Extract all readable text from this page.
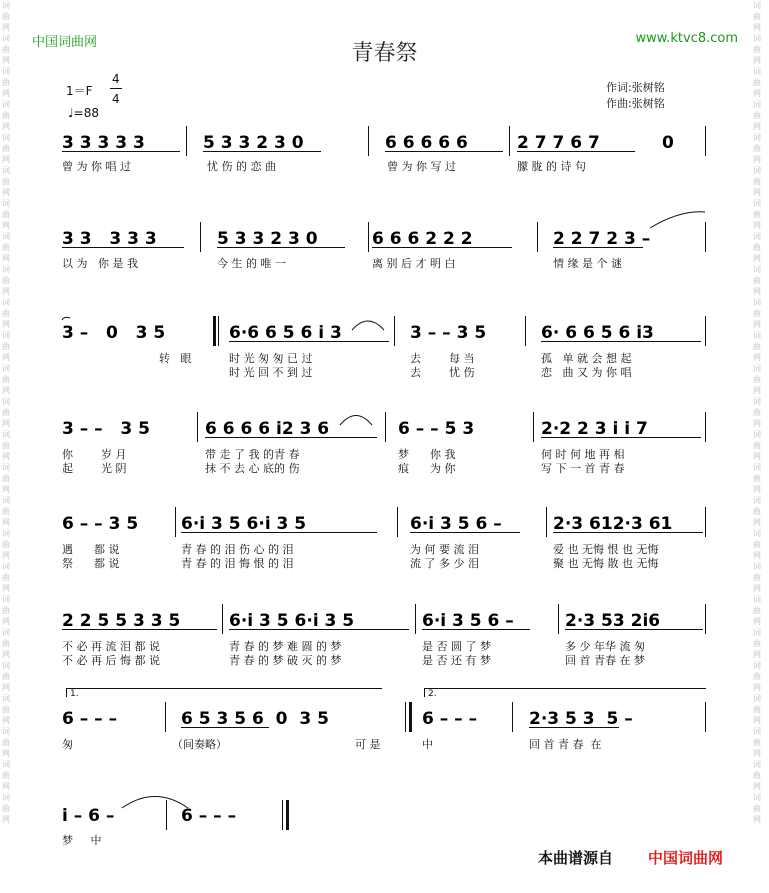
词曲网词曲网词曲网词曲网词曲网词曲网词曲网词曲网词曲网词曲网词曲网词曲网词曲网词曲网词曲网词曲网词曲网词曲网词曲网词曲网词曲网词曲网词曲网词曲网词曲网
词曲网词曲网词曲网词曲网词曲网词曲网词曲网词曲网词曲网词曲网词曲网词曲网词曲网词曲网词曲网词曲网词曲网词曲网词曲网词曲网词曲网词曲网词曲网词曲网词曲网
中国词曲网	www.ktvc8.com
青春祭
1＝F
4
4
♩=88
作词:张树铭
作曲:张树铭
1.	2.
3 3 3 3 3	5 3 3 2 3 0	6 6 6 6 6	2 7 7 6 7	0
曾 为 你 唱 过	忧 伤 的 恋 曲	曾 为 你 写 过	朦 胧 的 诗 句
3 3   3 3 3	5 3 3 2 3 0	6 6 6 2 2 2	2 2 7 2 3 –
以 为   你 是 我	今 生 的 唯 一	离 别 后 才 明 白	情 缘 是 个 谜
3 –   0   3 5	6·6 6 5 6 i̇ 3	3 – – 3 5	6· 6 6 5 6 i̇3
转   眼	时 光 匆 匆 已 过	去        每 当	孤   单 就 会 想 起
时 光 回 不 到 过	去        忧 伤	恋   曲 又 为 你 唱
3 – –   3 5	6 6 6 6 i̇2 3 6	6 – – 5 3	2·2 2 3 i̇ i̇ 7
你        岁 月	带 走 了 我 的青 春	梦      你 我	何 时 何 地 再 相
起        光 阴	抹 不 去 心 底的 伤	痕      为 你	写 下 一 首 青 春
6 – – 3 5	6·i̇ 3 5 6·i̇ 3 5	6·i̇ 3 5 6 –	2·3 612·3 61
遇      都 说	青 春 的 泪 伤 心 的 泪	为 何 要 流 泪	爱 也 无悔 恨 也 无悔
祭      都 说	青 春 的 泪 悔 恨 的 泪	流 了 多 少 泪	聚 也 无悔 散 也 无悔
2 2 5 5 3 3 5	6·i̇ 3 5 6·i̇ 3 5	6·i̇ 3 5 6 –	2·3 53 2i̇6
不 必 再 流 泪 都 说	青 春 的 梦 难 圆 的 梦	是 否 圆 了 梦	多 少 年华 流 匆
不 必 再 后 悔 都 说	青 春 的 梦 破 灭 的 梦	是 否 还 有 梦	回 首 青春 在 梦
6 – – –	6 5 3 5 6  0  3 5	6 – – –	2·3 5 3  5 –
匆	（间奏略）	可 是	中	回 首 青 春  在
i̇ – 6 –	6 – – –
梦     中
本曲谱源自 中国词曲网
